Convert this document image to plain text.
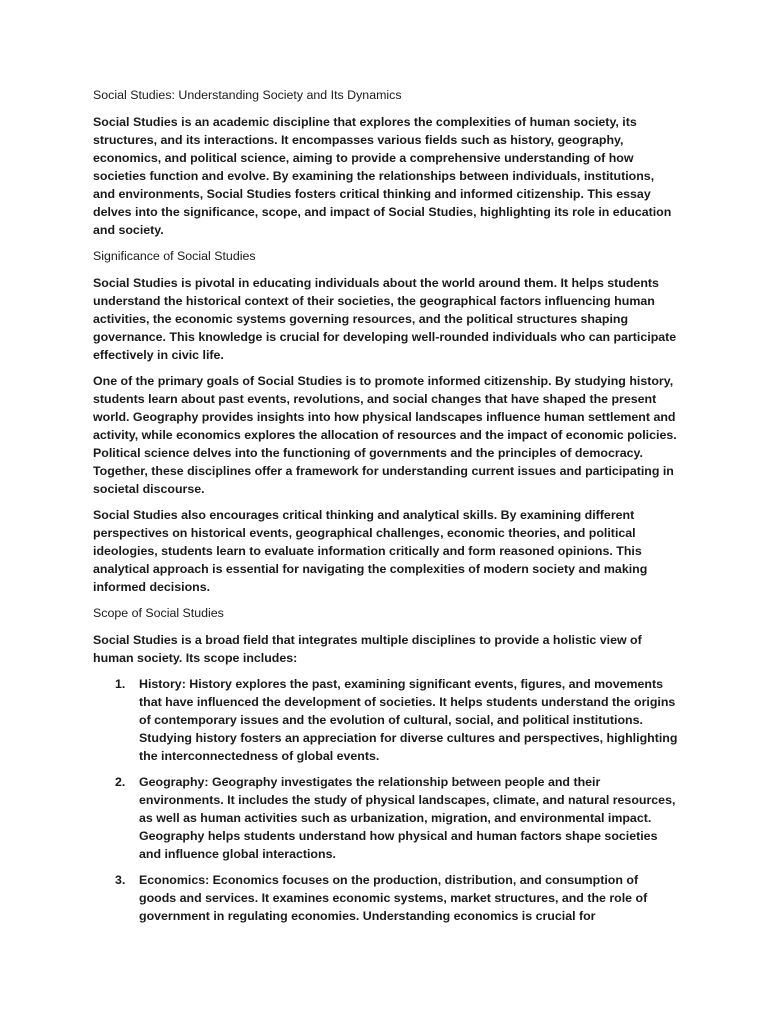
Social Studies: Understanding Society and Its Dynamics

Social Studies is an academic discipline that explores the complexities of human society, its structures, and its interactions. It encompasses various fields such as history, geography, economics, and political science, aiming to provide a comprehensive understanding of how societies function and evolve. By examining the relationships between individuals, institutions, and environments, Social Studies fosters critical thinking and informed citizenship. This essay delves into the significance, scope, and impact of Social Studies, highlighting its role in education and society.

Significance of Social Studies

Social Studies is pivotal in educating individuals about the world around them. It helps students understand the historical context of their societies, the geographical factors influencing human activities, the economic systems governing resources, and the political structures shaping governance. This knowledge is crucial for developing well-rounded individuals who can participate effectively in civic life.

One of the primary goals of Social Studies is to promote informed citizenship. By studying history, students learn about past events, revolutions, and social changes that have shaped the present world. Geography provides insights into how physical landscapes influence human settlement and activity, while economics explores the allocation of resources and the impact of economic policies. Political science delves into the functioning of governments and the principles of democracy. Together, these disciplines offer a framework for understanding current issues and participating in societal discourse.

Social Studies also encourages critical thinking and analytical skills. By examining different perspectives on historical events, geographical challenges, economic theories, and political ideologies, students learn to evaluate information critically and form reasoned opinions. This analytical approach is essential for navigating the complexities of modern society and making informed decisions.

Scope of Social Studies

Social Studies is a broad field that integrates multiple disciplines to provide a holistic view of human society. Its scope includes:

1. History: History explores the past, examining significant events, figures, and movements that have influenced the development of societies. It helps students understand the origins of contemporary issues and the evolution of cultural, social, and political institutions. Studying history fosters an appreciation for diverse cultures and perspectives, highlighting the interconnectedness of global events.
2. Geography: Geography investigates the relationship between people and their environments. It includes the study of physical landscapes, climate, and natural resources, as well as human activities such as urbanization, migration, and environmental impact. Geography helps students understand how physical and human factors shape societies and influence global interactions.
3. Economics: Economics focuses on the production, distribution, and consumption of goods and services. It examines economic systems, market structures, and the role of government in regulating economies. Understanding economics is crucial for
